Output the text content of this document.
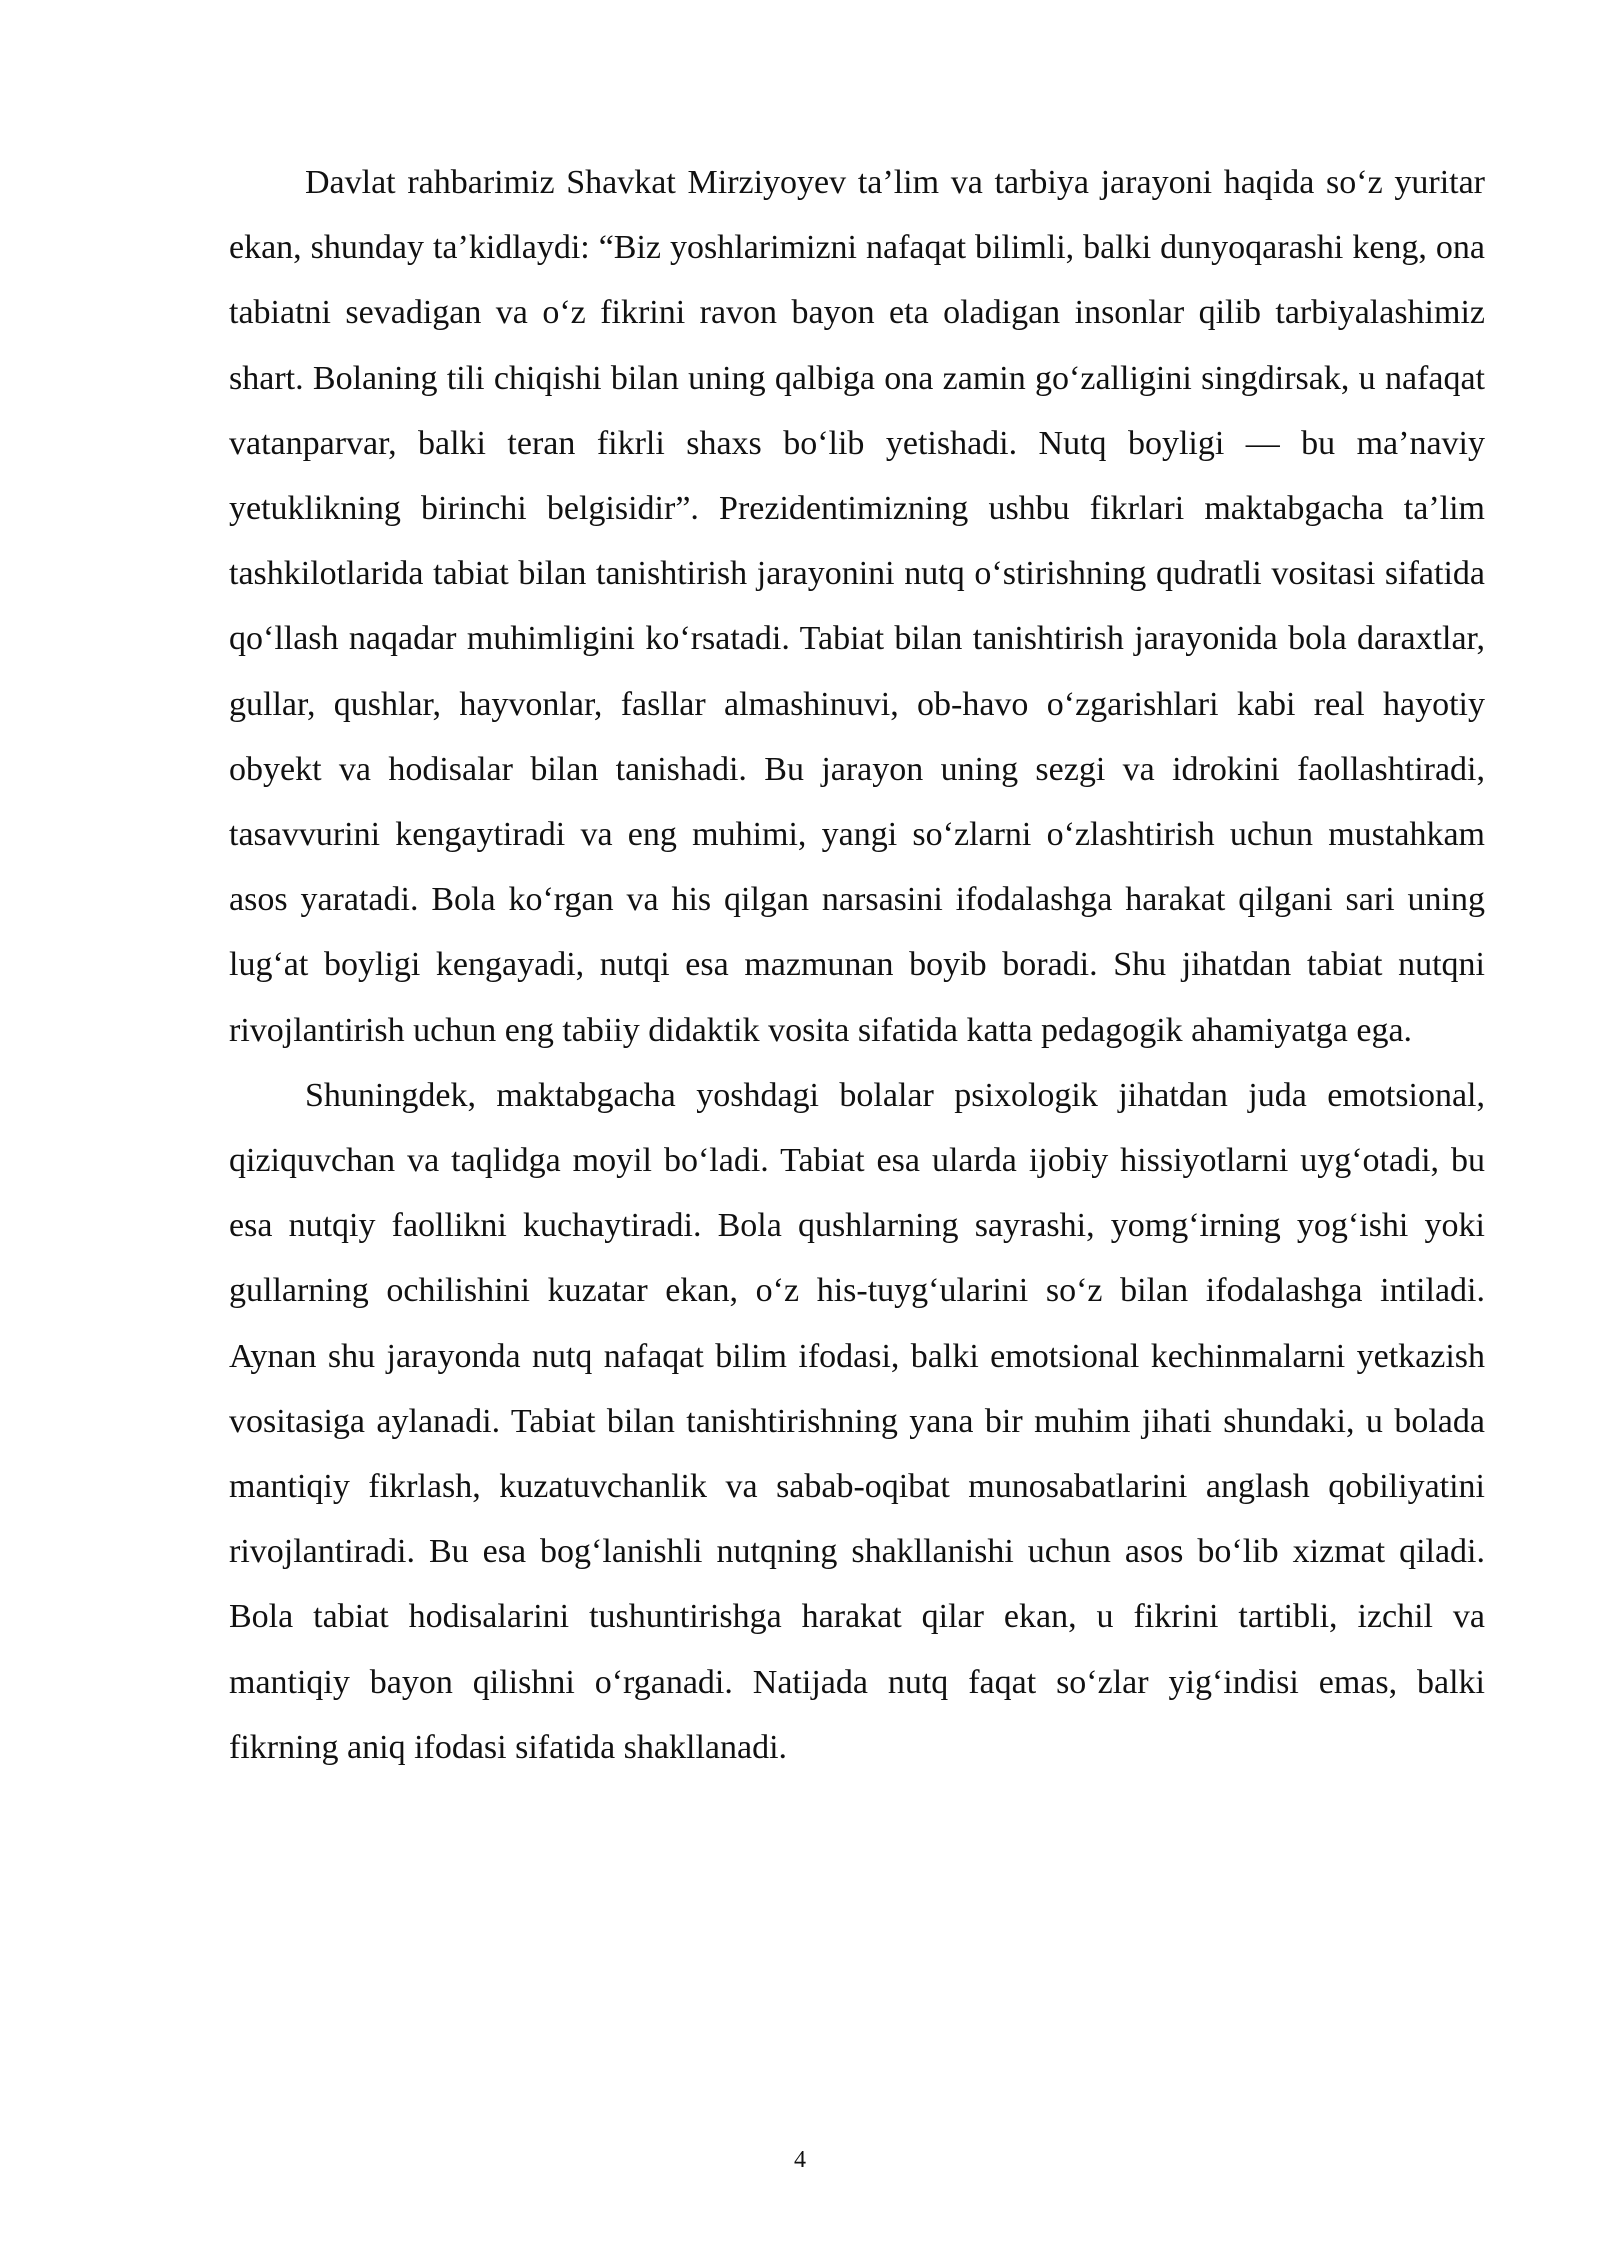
Davlat rahbarimiz Shavkat Mirziyoyev ta’lim va tarbiya jarayoni haqida so‘z yuritar ekan, shunday ta’kidlaydi: “Biz yoshlarimizni nafaqat bilimli, balki dunyoqarashi keng, ona tabiatni sevadigan va o‘z fikrini ravon bayon eta oladigan insonlar qilib tarbiyalashimiz shart. Bolaning tili chiqishi bilan uning qalbiga ona zamin go‘zalligini singdirsak, u nafaqat vatanparvar, balki teran fikrli shaxs bo‘lib yetishadi. Nutq boyligi — bu ma’naviy yetuklikning birinchi belgisidir”. Prezidentimizning ushbu fikrlari maktabgacha ta’lim tashkilotlarida tabiat bilan tanishtirish jarayonini nutq o‘stirishning qudratli vositasi sifatida qo‘llash naqadar muhimligini ko‘rsatadi. Tabiat bilan tanishtirish jarayonida bola daraxtlar, gullar, qushlar, hayvonlar, fasllar almashinuvi, ob-havo o‘zgarishlari kabi real hayotiy obyekt va hodisalar bilan tanishadi. Bu jarayon uning sezgi va idrokini faollashtiradi, tasavvurini kengaytiradi va eng muhimi, yangi so‘zlarni o‘zlashtirish uchun mustahkam asos yaratadi. Bola ko‘rgan va his qilgan narsasini ifodalashga harakat qilgani sari uning lug‘at boyligi kengayadi, nutqi esa mazmunan boyib boradi. Shu jihatdan tabiat nutqni rivojlantirish uchun eng tabiiy didaktik vosita sifatida katta pedagogik ahamiyatga ega.

Shuningdek, maktabgacha yoshdagi bolalar psixologik jihatdan juda emotsional, qiziquvchan va taqlidga moyil bo‘ladi. Tabiat esa ularda ijobiy hissiyotlarni uyg‘otadi, bu esa nutqiy faollikni kuchaytiradi. Bola qushlarning sayrashi, yomg‘irning yog‘ishi yoki gullarning ochilishini kuzatar ekan, o‘z his-tuyg‘ularini so‘z bilan ifodalashga intiladi. Aynan shu jarayonda nutq nafaqat bilim ifodasi, balki emotsional kechinmalarni yetkazish vositasiga aylanadi. Tabiat bilan tanishtirishning yana bir muhim jihati shundaki, u bolada mantiqiy fikrlash, kuzatuvchanlik va sabab-oqibat munosabatlarini anglash qobiliyatini rivojlantiradi. Bu esa bog‘lanishli nutqning shakllanishi uchun asos bo‘lib xizmat qiladi. Bola tabiat hodisalarini tushuntirishga harakat qilar ekan, u fikrini tartibli, izchil va mantiqiy bayon qilishni o‘rganadi. Natijada nutq faqat so‘zlar yig‘indisi emas, balki fikrning aniq ifodasi sifatida shakllanadi.

4
